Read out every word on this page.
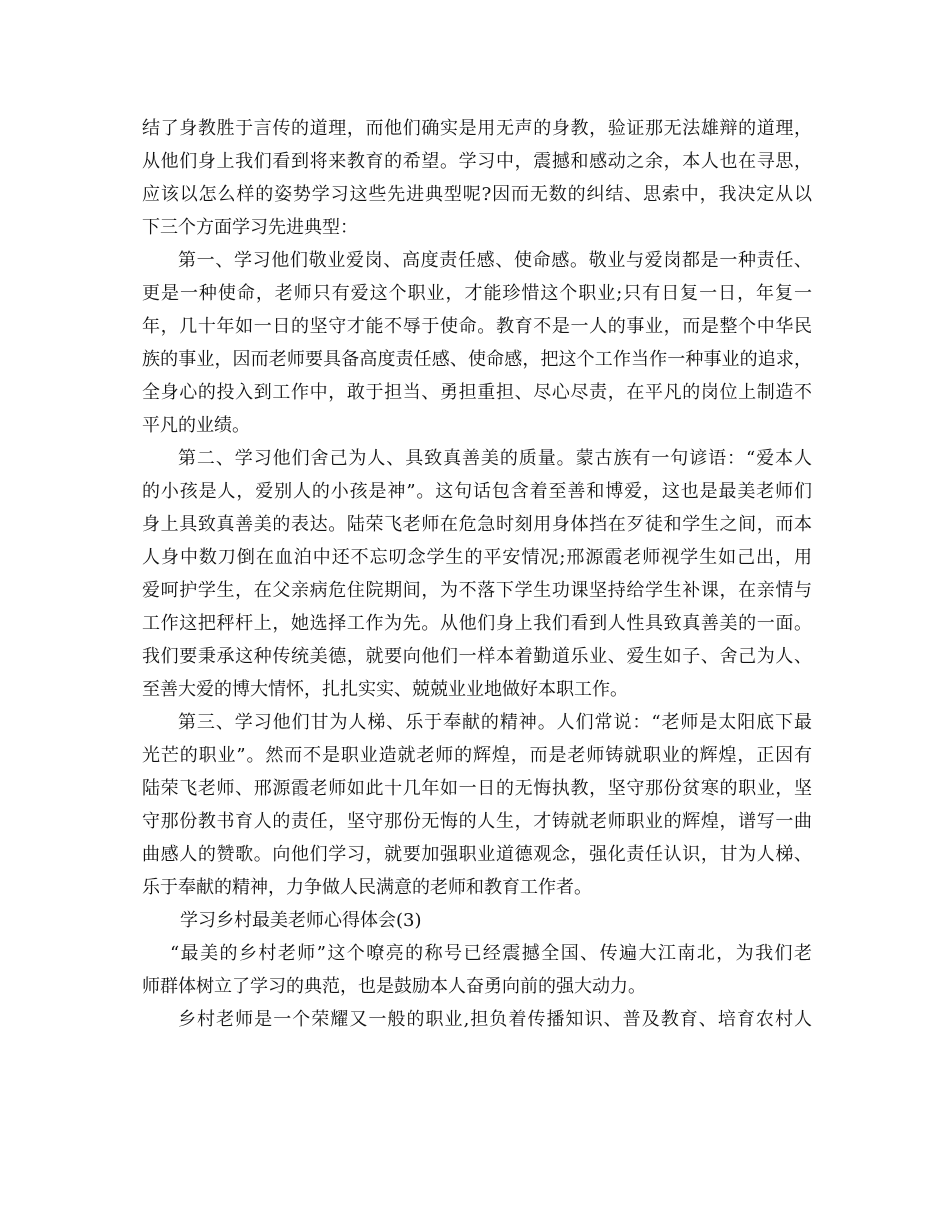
结了身教胜于言传的道理，而他们确实是用无声的身教，验证那无法雄辩的道理，
从他们身上我们看到将来教育的希望。学习中，震撼和感动之余，本人也在寻思，
应该以怎么样的姿势学习这些先进典型呢?因而无数的纠结、思索中，我决定从以
下三个方面学习先进典型：
第一、学习他们敬业爱岗、高度责任感、使命感。敬业与爱岗都是一种责任、
更是一种使命，老师只有爱这个职业，才能珍惜这个职业;只有日复一日，年复一
年，几十年如一日的坚守才能不辱于使命。教育不是一人的事业，而是整个中华民
族的事业，因而老师要具备高度责任感、使命感，把这个工作当作一种事业的追求，
全身心的投入到工作中，敢于担当、勇担重担、尽心尽责，在平凡的岗位上制造不
平凡的业绩。
第二、学习他们舍己为人、具致真善美的质量。蒙古族有一句谚语：“爱本人
的小孩是人，爱别人的小孩是神”。这句话包含着至善和博爱，这也是最美老师们
身上具致真善美的表达。陆荣飞老师在危急时刻用身体挡在歹徒和学生之间，而本
人身中数刀倒在血泊中还不忘叨念学生的平安情况;邢源霞老师视学生如己出，用
爱呵护学生，在父亲病危住院期间，为不落下学生功课坚持给学生补课，在亲情与
工作这把秤杆上，她选择工作为先。从他们身上我们看到人性具致真善美的一面。
我们要秉承这种传统美德，就要向他们一样本着勤道乐业、爱生如子、舍己为人、
至善大爱的博大情怀，扎扎实实、兢兢业业地做好本职工作。
第三、学习他们甘为人梯、乐于奉献的精神。人们常说：“老师是太阳底下最
光芒的职业”。然而不是职业造就老师的辉煌，而是老师铸就职业的辉煌，正因有
陆荣飞老师、邢源霞老师如此十几年如一日的无悔执教，坚守那份贫寒的职业，坚
守那份教书育人的责任，坚守那份无悔的人生，才铸就老师职业的辉煌，谱写一曲
曲感人的赞歌。向他们学习，就要加强职业道德观念，强化责任认识，甘为人梯、
乐于奉献的精神，力争做人民满意的老师和教育工作者。
学习乡村最美老师心得体会(3)
“最美的乡村老师”这个嘹亮的称号已经震撼全国、传遍大江南北，为我们老
师群体树立了学习的典范，也是鼓励本人奋勇向前的强大动力。
乡村老师是一个荣耀又一般的职业,担负着传播知识、普及教育、培育农村人
